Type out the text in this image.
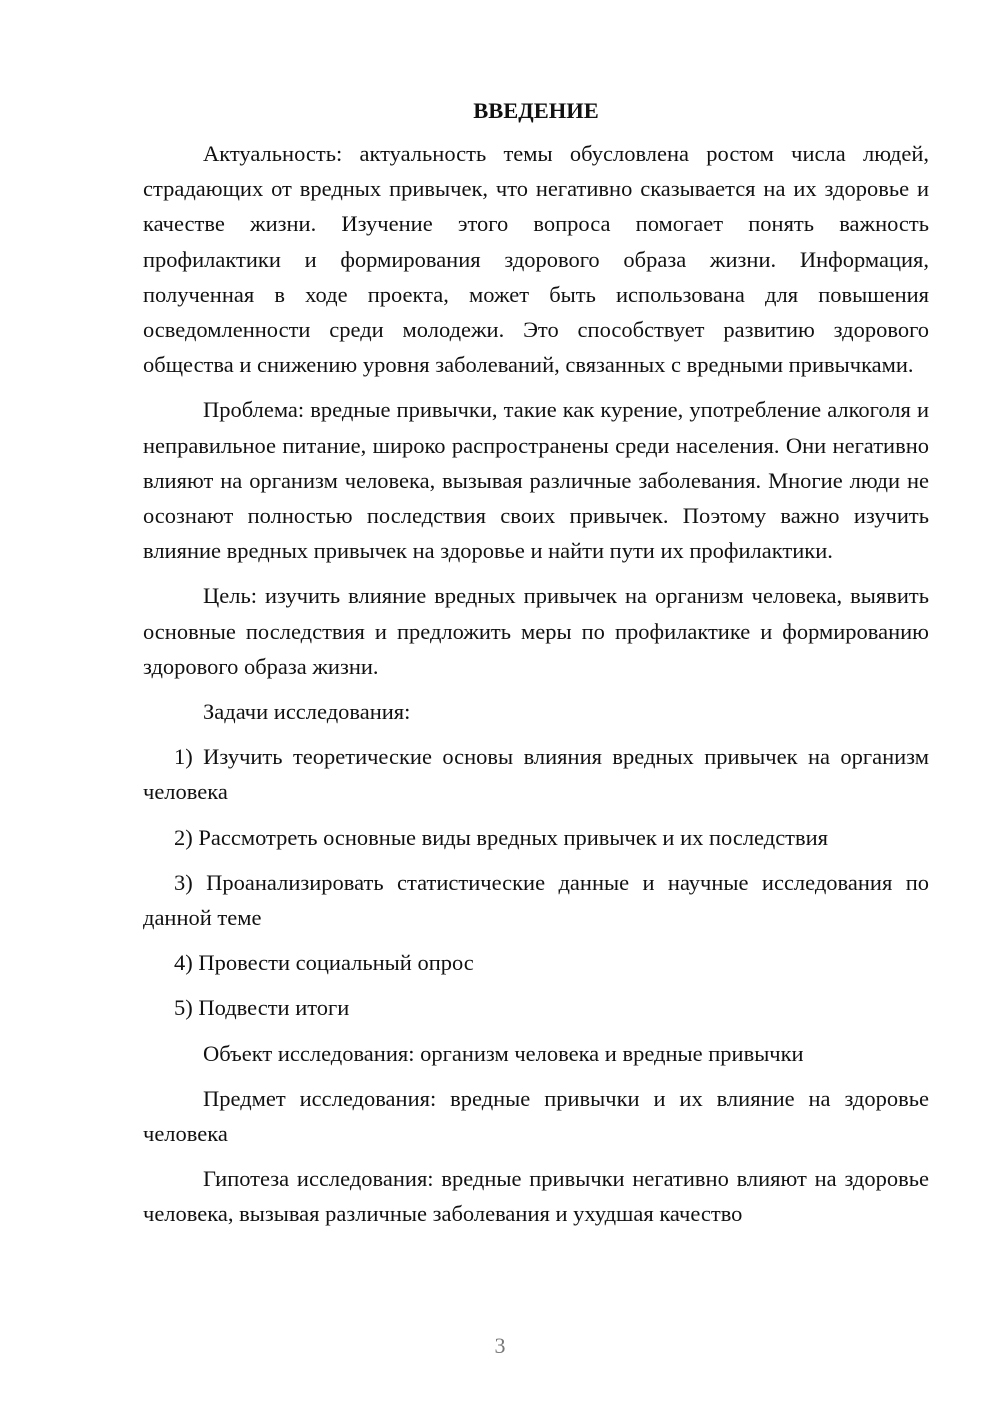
ВВЕДЕНИЕ

Актуальность: актуальность темы обусловлена ростом числа людей, страдающих от вредных привычек, что негативно сказывается на их здоровье и качестве жизни. Изучение этого вопроса помогает понять важность профилактики и формирования здорового образа жизни. Информация, полученная в ходе проекта, может быть использована для повышения осведомленности среди молодежи. Это способствует развитию здорового общества и снижению уровня заболеваний, связанных с вредными привычками.

Проблема: вредные привычки, такие как курение, употребление алкоголя и неправильное питание, широко распространены среди населения. Они негативно влияют на организм человека, вызывая различные заболевания. Многие люди не осознают полностью последствия своих привычек. Поэтому важно изучить влияние вредных привычек на здоровье и найти пути их профилактики.

Цель: изучить влияние вредных привычек на организм человека, выявить основные последствия и предложить меры по профилактике и формированию здорового образа жизни.

Задачи исследования:

1) Изучить теоретические основы влияния вредных привычек на организм человека

2) Рассмотреть основные виды вредных привычек и их последствия

3) Проанализировать статистические данные и научные исследования по данной теме

4) Провести социальный опрос

5) Подвести итоги

Объект исследования: организм человека и вредные привычки

Предмет исследования: вредные привычки и их влияние на здоровье человека

Гипотеза исследования: вредные привычки негативно влияют на здоровье человека, вызывая различные заболевания и ухудшая качество

3
